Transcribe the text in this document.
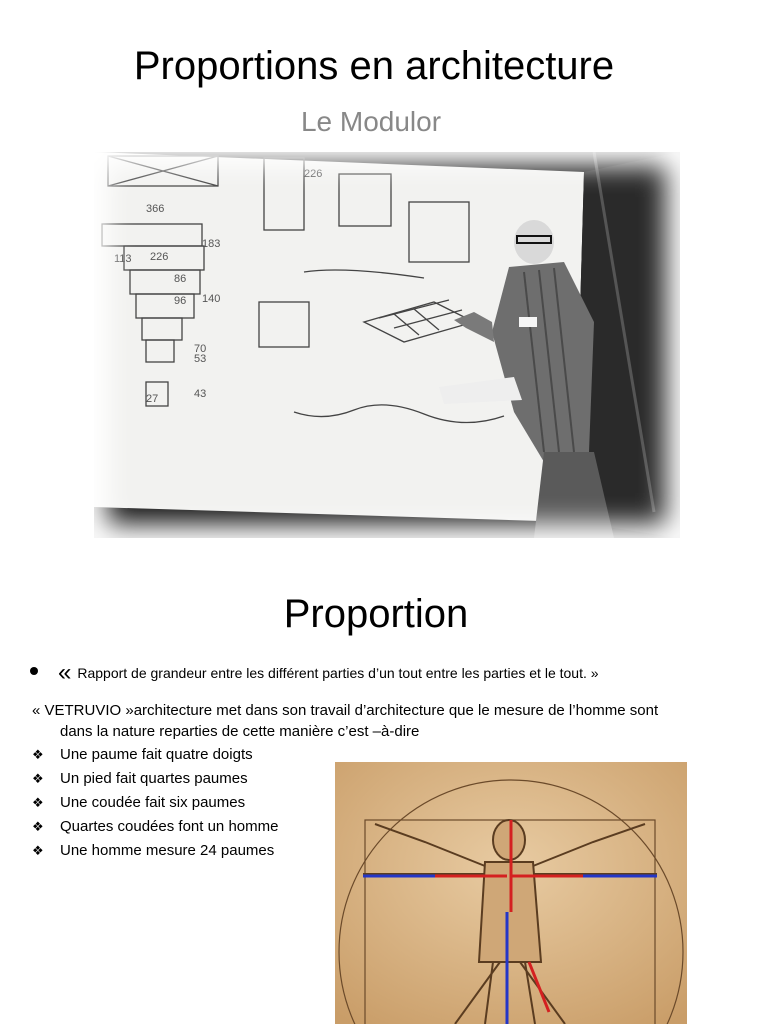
Proportions en architecture
Le Modulor
366
113 226
86
96
183
140
70
53
43
27
226
Proportion
« Rapport de grandeur entre les différent parties d’un tout entre les parties et le tout. »
« VETRUVIO »architecture met dans son travail d’architecture que le mesure de l’homme sont
dans la nature reparties de cette manière c’est –à-dire
❖	Une paume fait quatre doigts
❖	Un pied fait quartes paumes
❖	Une coudée fait six paumes
❖	Quartes coudées font un homme
❖	Une homme mesure 24 paumes
